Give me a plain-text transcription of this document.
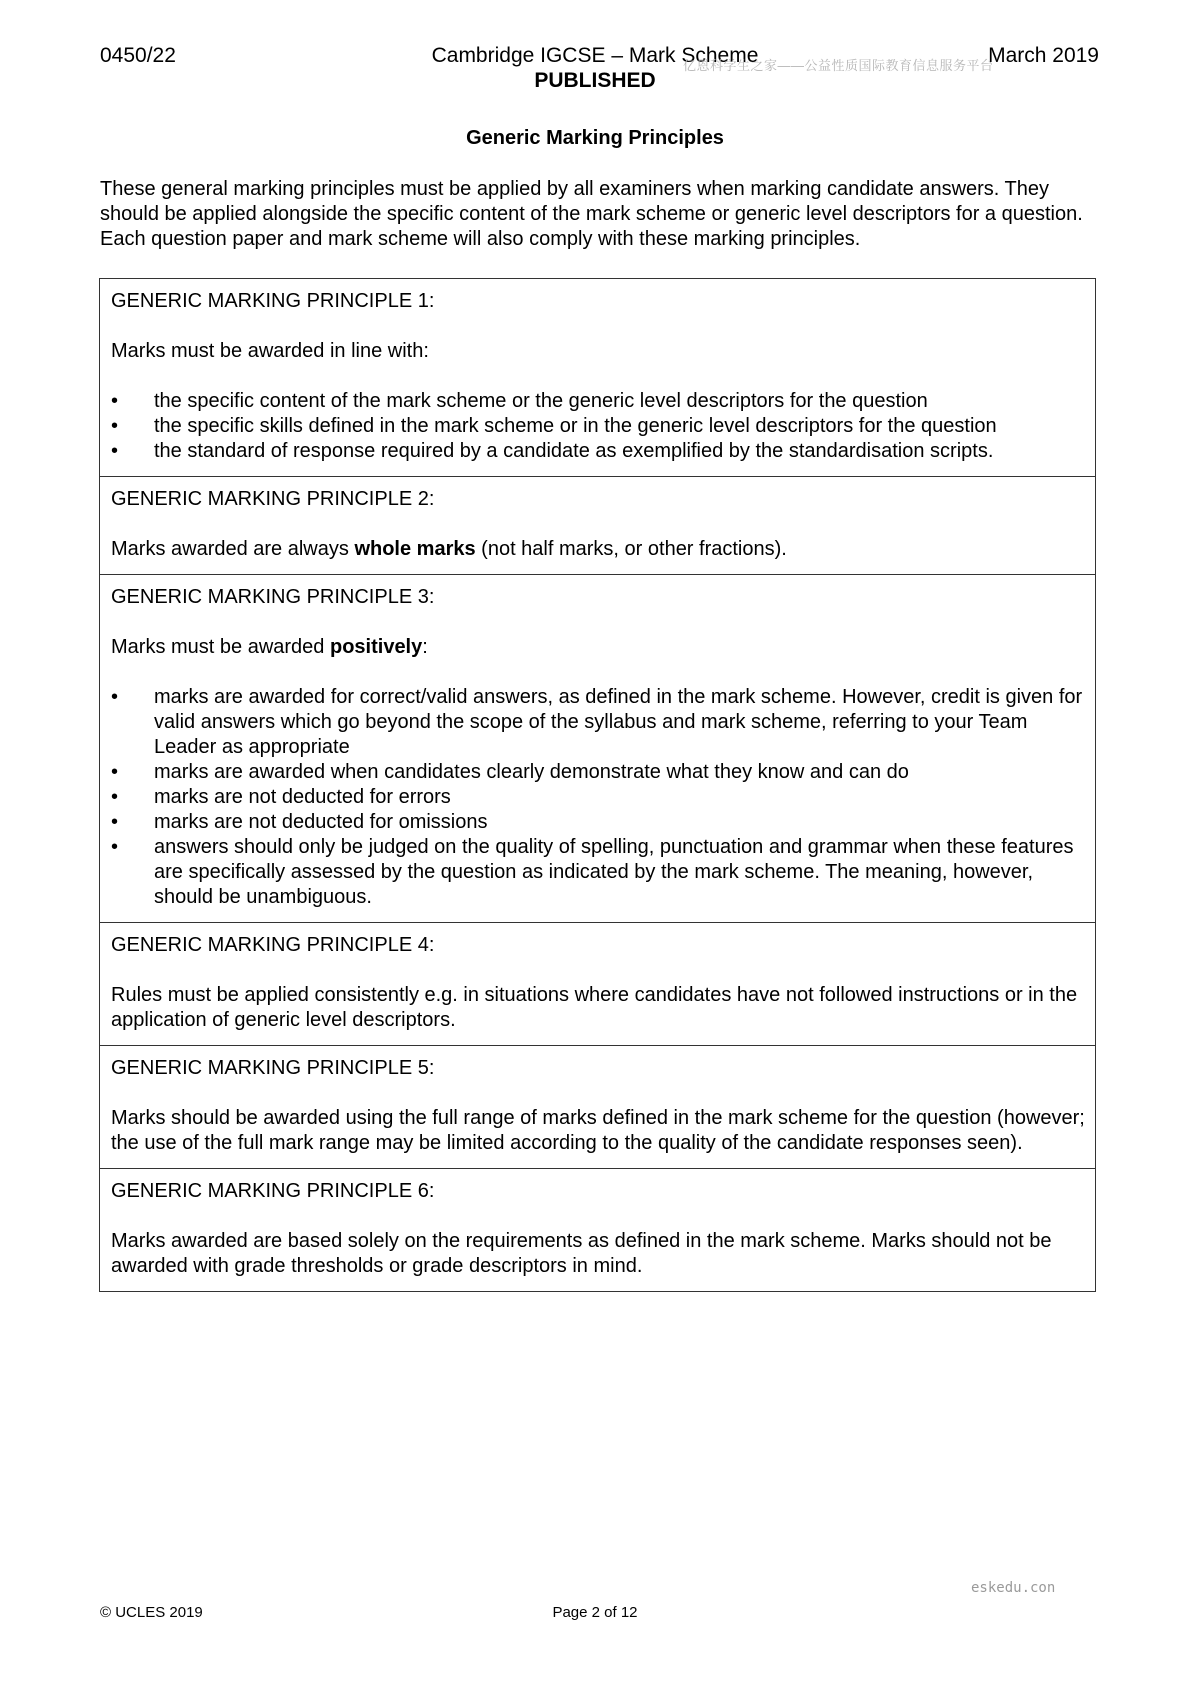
0450/22	Cambridge IGCSE – Mark Scheme	March 2019
PUBLISHED
亿恩科学生之家——公益性质国际教育信息服务平台
Generic Marking Principles
These general marking principles must be applied by all examiners when marking candidate answers. They should be applied alongside the specific content of the mark scheme or generic level descriptors for a question. Each question paper and mark scheme will also comply with these marking principles.

GENERIC MARKING PRINCIPLE 1:

Marks must be awarded in line with:

• the specific content of the mark scheme or the generic level descriptors for the question
• the specific skills defined in the mark scheme or in the generic level descriptors for the question
• the standard of response required by a candidate as exemplified by the standardisation scripts.

GENERIC MARKING PRINCIPLE 2:

Marks awarded are always whole marks (not half marks, or other fractions).

GENERIC MARKING PRINCIPLE 3:

Marks must be awarded positively:

• marks are awarded for correct/valid answers, as defined in the mark scheme. However, credit is given for valid answers which go beyond the scope of the syllabus and mark scheme, referring to your Team Leader as appropriate
• marks are awarded when candidates clearly demonstrate what they know and can do
• marks are not deducted for errors
• marks are not deducted for omissions
• answers should only be judged on the quality of spelling, punctuation and grammar when these features are specifically assessed by the question as indicated by the mark scheme. The meaning, however, should be unambiguous.

GENERIC MARKING PRINCIPLE 4:

Rules must be applied consistently e.g. in situations where candidates have not followed instructions or in the application of generic level descriptors.

GENERIC MARKING PRINCIPLE 5:

Marks should be awarded using the full range of marks defined in the mark scheme for the question (however; the use of the full mark range may be limited according to the quality of the candidate responses seen).

GENERIC MARKING PRINCIPLE 6:

Marks awarded are based solely on the requirements as defined in the mark scheme. Marks should not be awarded with grade thresholds or grade descriptors in mind.

eskedu.con
© UCLES 2019	Page 2 of 12
